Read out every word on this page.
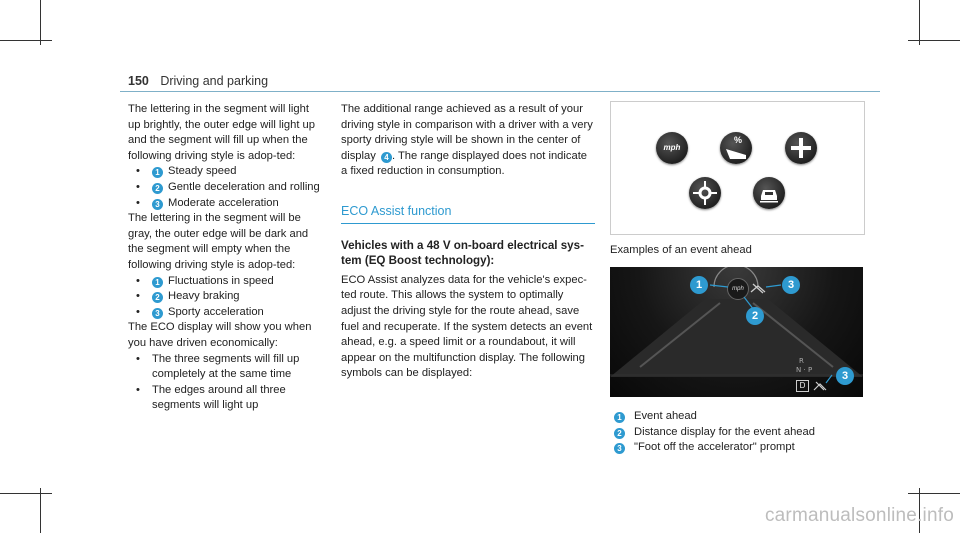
150 Driving and parking

The lettering in the segment will light up brightly, the outer edge will light up and the segment will fill up when the following driving style is adop-ted:

• 1 Steady speed
• 2 Gentle deceleration and rolling
• 3 Moderate acceleration

The lettering in the segment will be gray, the outer edge will be dark and the segment will empty when the following driving style is adop-ted:

• 1 Fluctuations in speed
• 2 Heavy braking
• 3 Sporty acceleration

The ECO display will show you when you have driven economically:

• The three segments will fill up completely at the same time
• The edges around all three segments will light up

The additional range achieved as a result of your driving style in comparison with a driver with a very sporty driving style will be shown in the center of display 4 . The range displayed does not indicate a fixed reduction in consumption.

ECO Assist function
Vehicles with a 48 V on-board electrical sys-tem (EQ Boost technology):

ECO Assist analyzes data for the vehicle's expec-ted route. This allows the system to optimally adjust the driving style for the route ahead, save fuel and recuperate. If the system detects an event ahead, e.g. a speed limit or a roundabout, it will appear on the multifunction display. The following symbols can be displayed:

mph
%
Examples of an event ahead
mph
R
N · P
D
1	3
2
3
1 Event ahead
2 Distance display for the event ahead
3 "Foot off the accelerator" prompt
carmanualsonline.info
